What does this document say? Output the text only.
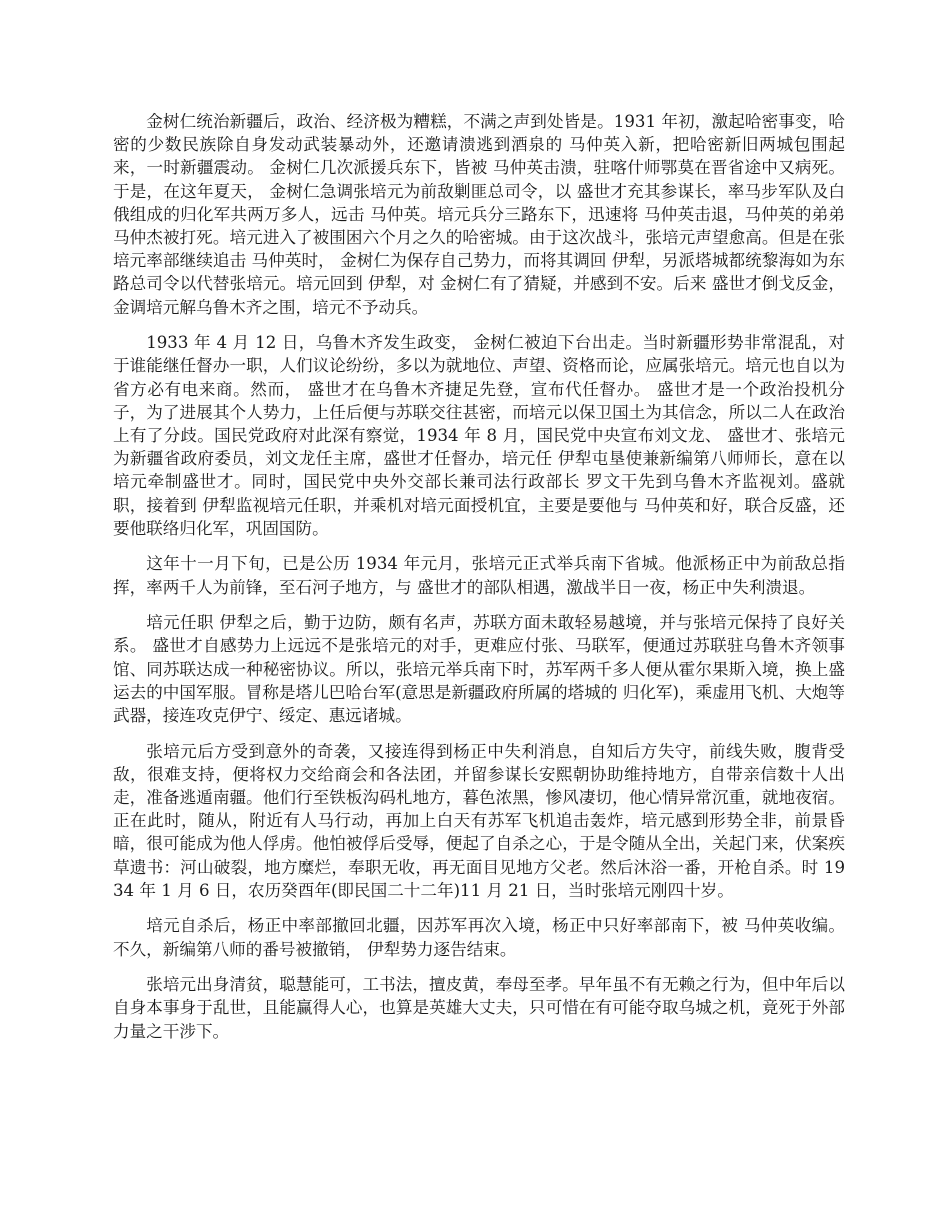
金树仁统治新疆后，政治、经济极为糟糕，不满之声到处皆是。1931 年初，激起哈密事变，哈密的少数民族除自身发动武装暴动外，还邀请溃逃到酒泉的 马仲英入新，把哈密新旧两城包围起来，一时新疆震动。 金树仁几次派援兵东下，皆被 马仲英击溃，驻喀什师鄂莫在晋省途中又病死。于是，在这年夏天， 金树仁急调张培元为前敌剿匪总司令，以 盛世才充其参谋长，率马步军队及白俄组成的归化军共两万多人，远击 马仲英。培元兵分三路东下，迅速将 马仲英击退，马仲英的弟弟马仲杰被打死。培元进入了被围困六个月之久的哈密城。由于这次战斗，张培元声望愈高。但是在张培元率部继续追击 马仲英时， 金树仁为保存自己势力，而将其调回 伊犁，另派塔城都统黎海如为东路总司令以代替张培元。培元回到 伊犁，对 金树仁有了猜疑，并感到不安。后来 盛世才倒戈反金，金调培元解乌鲁木齐之围，培元不予动兵。

1933 年 4 月 12 日，乌鲁木齐发生政变， 金树仁被迫下台出走。当时新疆形势非常混乱，对于谁能继任督办一职，人们议论纷纷，多以为就地位、声望、资格而论，应属张培元。培元也自以为省方必有电来商。然而， 盛世才在乌鲁木齐捷足先登，宣布代任督办。 盛世才是一个政治投机分子，为了进展其个人势力，上任后便与苏联交往甚密，而培元以保卫国土为其信念，所以二人在政治上有了分歧。国民党政府对此深有察觉，1934 年 8 月，国民党中央宣布刘文龙、 盛世才、张培元为新疆省政府委员，刘文龙任主席，盛世才任督办，培元任 伊犁屯垦使兼新编第八师师长，意在以培元牵制盛世才。同时，国民党中央外交部长兼司法行政部长 罗文干先到乌鲁木齐监视刘。盛就职，接着到 伊犁监视培元任职，并乘机对培元面授机宜，主要是要他与 马仲英和好，联合反盛，还要他联络归化军，巩固国防。

这年十一月下旬，已是公历 1934 年元月，张培元正式举兵南下省城。他派杨正中为前敌总指挥，率两千人为前锋，至石河子地方，与 盛世才的部队相遇，激战半日一夜，杨正中失利溃退。

培元任职 伊犁之后，勤于边防，颇有名声，苏联方面未敢轻易越境，并与张培元保持了良好关系。 盛世才自感势力上远远不是张培元的对手，更难应付张、马联军，便通过苏联驻乌鲁木齐领事馆、同苏联达成一种秘密协议。所以，张培元举兵南下时，苏军两千多人便从霍尔果斯入境，换上盛运去的中国军服。冒称是塔儿巴哈台军(意思是新疆政府所属的塔城的 归化军)，乘虚用飞机、大炮等武器，接连攻克伊宁、绥定、惠远诸城。

张培元后方受到意外的奇袭，又接连得到杨正中失利消息，自知后方失守，前线失败，腹背受敌，很难支持，便将权力交给商会和各法团，并留参谋长安熙朝协助维持地方，自带亲信数十人出走，准备逃遁南疆。他们行至铁板沟码札地方，暮色浓黑，惨风凄切，他心情异常沉重，就地夜宿。正在此时，随从，附近有人马行动，再加上白天有苏军飞机追击轰炸，培元感到形势全非，前景昏暗，很可能成为他人俘虏。他怕被俘后受辱，便起了自杀之心，于是令随从全出，关起门来，伏案疾草遗书：河山破裂，地方糜烂，奉职无收，再无面目见地方父老。然后沐浴一番，开枪自杀。时 1934 年 1 月 6 日，农历癸酉年(即民国二十二年)11 月 21 日，当时张培元刚四十岁。

培元自杀后，杨正中率部撤回北疆，因苏军再次入境，杨正中只好率部南下，被 马仲英收编。不久，新编第八师的番号被撤销， 伊犁势力逐告结束。

张培元出身清贫，聪慧能可，工书法，擅皮黄，奉母至孝。早年虽不有无赖之行为，但中年后以自身本事身于乱世，且能赢得人心，也算是英雄大丈夫，只可惜在有可能夺取乌城之机，竟死于外部力量之干涉下。
